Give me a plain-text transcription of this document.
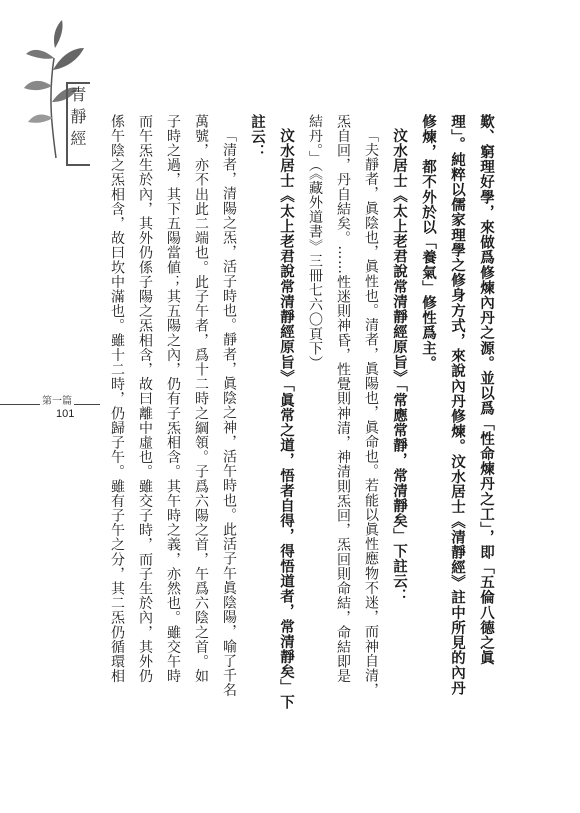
青靜經
第一篇
101	歎、窮理好學，來做爲修煉內丹之源。並以爲「性命煉丹之工」，即「五倫八德之眞
理」。純粹以儒家理學之修身方式，來說內丹修煉。汶水居士《清靜經》註中所見的內丹
修煉，都不外於以「養氣」修性爲主。
汶水居士《太上老君說常清靜經原旨》「常應常靜，常清靜矣」下註云：
「夫靜者，眞陰也，眞性也。清者，眞陽也，眞命也。若能以眞性應物不迷，而神自清，
炁自回，丹自結矣。……性迷則神昏，性覺則神清，神清則炁回，炁回則命結，命結即是
結丹。」（《藏外道書》三冊七六〇頁下）
汶水居士《太上老君說常清靜經原旨》「眞常之道，悟者自得，得悟道者，常清靜矣」下
註云：
「清者，清陽之炁，活子時也。靜者，眞陰之神，活午時也。此活子午眞陰陽，喻了千名
萬號，亦不出此二端也。此子午者，爲十二時之綱領。子爲六陽之首，午爲六陰之首。如
子時之過，其下五陽當値；其五陽之內，仍有子炁相含。其午時之義，亦然也。雖交午時
而午炁生於內，其外仍係子陽之炁相含，故曰離中虛也。雖交子時，而子生於內，其外仍
係午陰之炁相含，故曰坎中滿也。雖十二時，仍歸子午。雖有子午之分，其二炁仍循環相
